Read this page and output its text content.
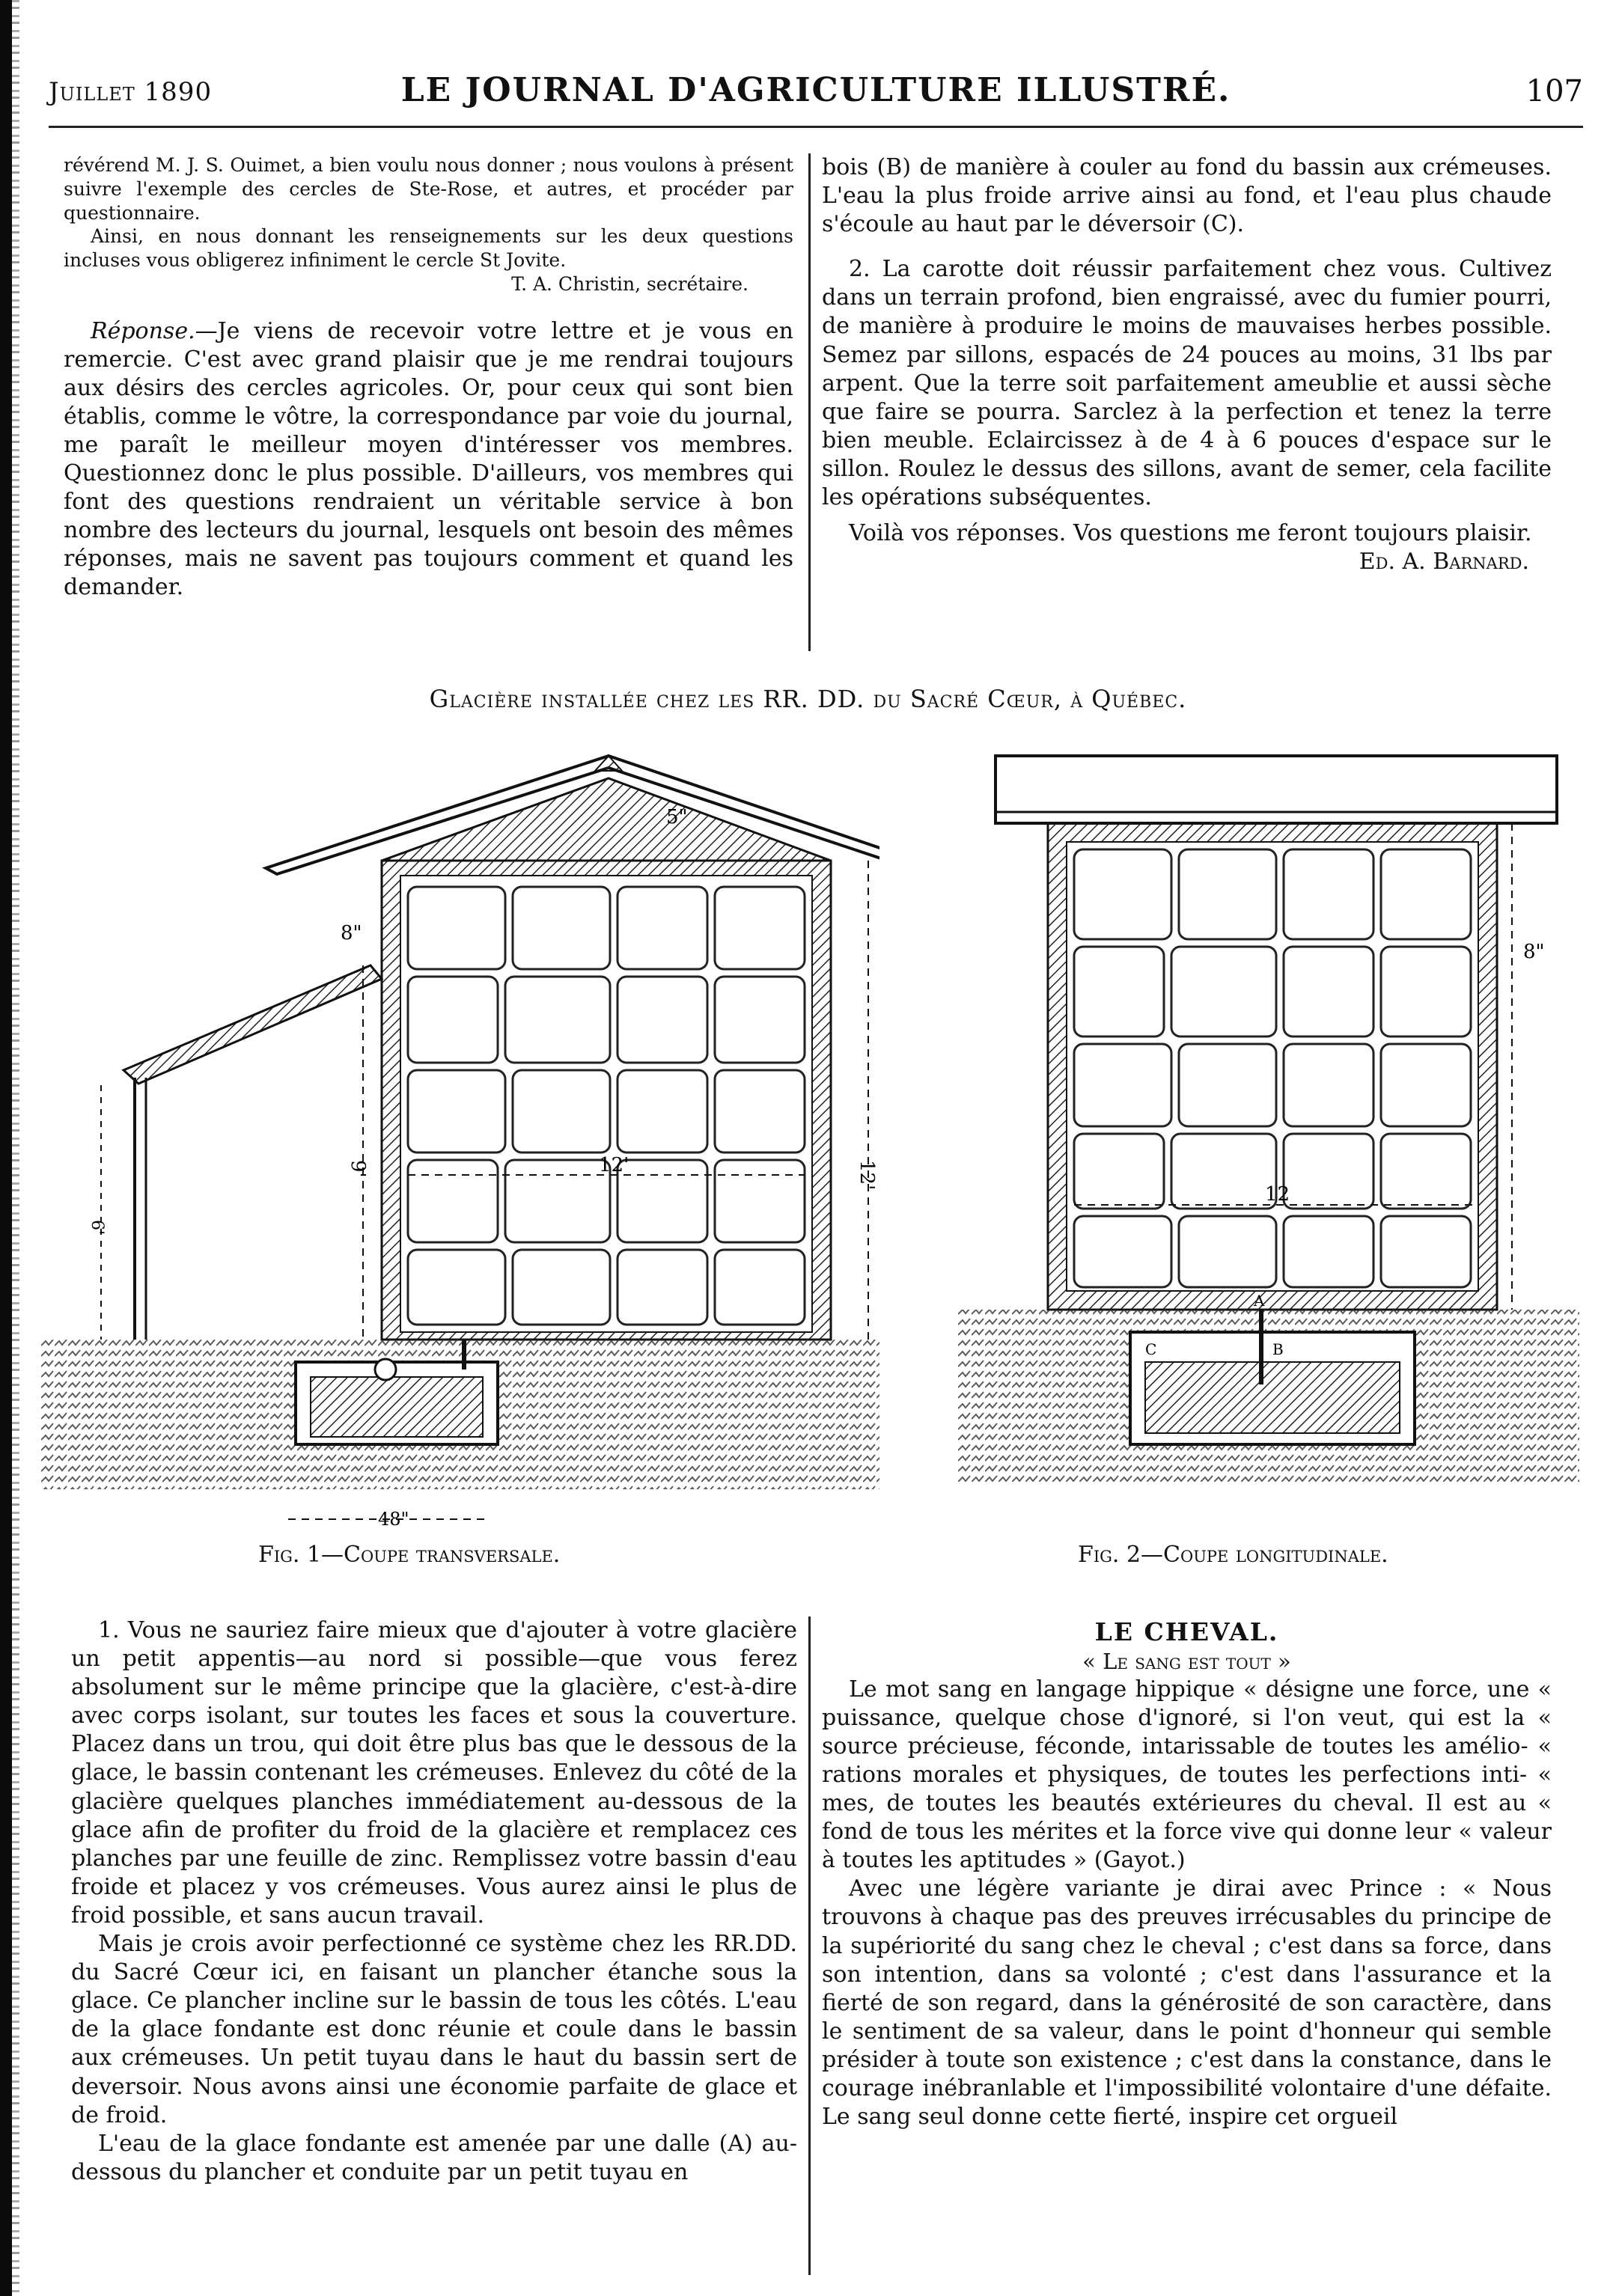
Juillet 1890	LE JOURNAL D'AGRICULTURE ILLUSTRÉ.	107

révérend M. J. S. Ouimet, a bien voulu nous donner ; nous voulons à présent suivre l'exemple des cercles de Ste-Rose, et autres, et procéder par questionnaire.

Ainsi, en nous donnant les renseignements sur les deux questions incluses vous obligerez infiniment le cercle St Jovite.

T. A. Christin, secrétaire.

Réponse.—Je viens de recevoir votre lettre et je vous en remercie. C'est avec grand plaisir que je me rendrai toujours aux désirs des cercles agricoles. Or, pour ceux qui sont bien établis, comme le vôtre, la correspondance par voie du journal, me paraît le meilleur moyen d'intéresser vos membres. Questionnez donc le plus possible. D'ailleurs, vos membres qui font des questions rendraient un véritable service à bon nombre des lecteurs du journal, lesquels ont besoin des mêmes réponses, mais ne savent pas toujours comment et quand les demander.

bois (B) de manière à couler au fond du bassin aux crémeuses. L'eau la plus froide arrive ainsi au fond, et l'eau plus chaude s'écoule au haut par le déversoir (C).

2. La carotte doit réussir parfaitement chez vous. Cultivez dans un terrain profond, bien engraissé, avec du fumier pourri, de manière à produire le moins de mauvaises herbes possible. Semez par sillons, espacés de 24 pouces au moins, 31 lbs par arpent. Que la terre soit parfaitement ameublie et aussi sèche que faire se pourra. Sarclez à la perfection et tenez la terre bien meuble. Eclaircissez à de 4 à 6 pouces d'espace sur le sillon. Roulez le dessus des sillons, avant de semer, cela facilite les opérations subséquentes.

Voilà vos réponses. Vos questions me feront toujours plaisir.

Ed. A. Barnard.

Glacière installée chez les RR. DD. du Sacré Cœur, à Québec.
5"
8"
9'	12'
6'
12'
48"
12
8"
A
B
C
Fig. 1—Coupe transversale.	Fig. 2—Coupe longitudinale.

1. Vous ne sauriez faire mieux que d'ajouter à votre glacière un petit appentis—au nord si possible—que vous ferez absolument sur le même principe que la glacière, c'est-à-dire avec corps isolant, sur toutes les faces et sous la couverture. Placez dans un trou, qui doit être plus bas que le dessous de la glace, le bassin contenant les crémeuses. Enlevez du côté de la glacière quelques planches immédiatement au-dessous de la glace afin de profiter du froid de la glacière et remplacez ces planches par une feuille de zinc. Remplissez votre bassin d'eau froide et placez y vos crémeuses. Vous aurez ainsi le plus de froid possible, et sans aucun travail.

Mais je crois avoir perfectionné ce système chez les RR.DD. du Sacré Cœur ici, en faisant un plancher étanche sous la glace. Ce plancher incline sur le bassin de tous les côtés. L'eau de la glace fondante est donc réunie et coule dans le bassin aux crémeuses. Un petit tuyau dans le haut du bassin sert de deversoir. Nous avons ainsi une économie parfaite de glace et de froid.

L'eau de la glace fondante est amenée par une dalle (A) au-dessous du plancher et conduite par un petit tuyau en

LE CHEVAL.

« Le sang est tout »

Le mot sang en langage hippique « désigne une force, une « puissance, quelque chose d'ignoré, si l'on veut, qui est la « source précieuse, féconde, intarissable de toutes les amélio- « rations morales et physiques, de toutes les perfections inti- « mes, de toutes les beautés extérieures du cheval. Il est au « fond de tous les mérites et la force vive qui donne leur « valeur à toutes les aptitudes » (Gayot.)

Avec une légère variante je dirai avec Prince : « Nous trouvons à chaque pas des preuves irrécusables du principe de la supériorité du sang chez le cheval ; c'est dans sa force, dans son intention, dans sa volonté ; c'est dans l'assurance et la fierté de son regard, dans la générosité de son caractère, dans le sentiment de sa valeur, dans le point d'honneur qui semble présider à toute son existence ; c'est dans la constance, dans le courage inébranlable et l'impossibilité volontaire d'une défaite. Le sang seul donne cette fierté, inspire cet orgueil
